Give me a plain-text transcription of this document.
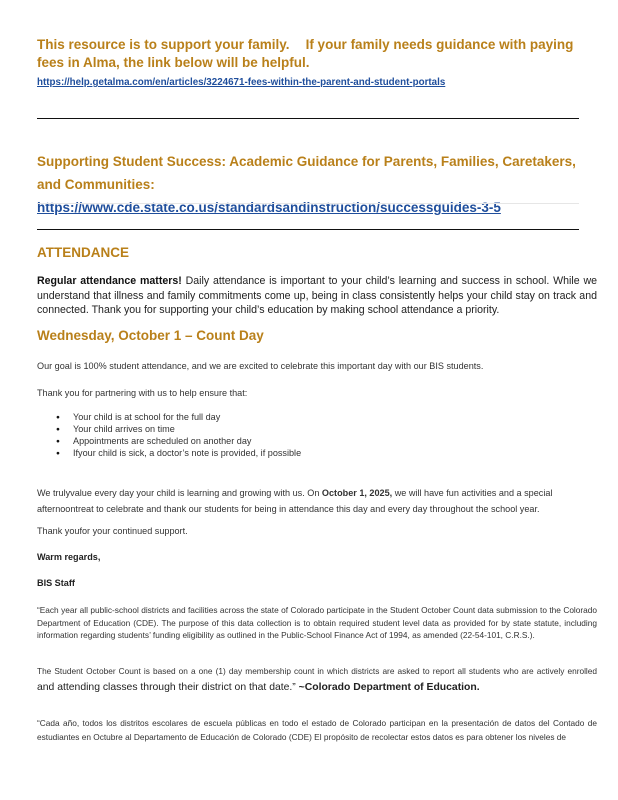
This resource is to support your family. If your family needs guidance with paying fees in Alma, the link below will be helpful.
https://help.getalma.com/en/articles/3224671-fees-within-the-parent-and-student-portals
Supporting Student Success: Academic Guidance for Parents, Families, Caretakers, and Communities: https://www.cde.state.co.us/standardsandinstruction/successguides-3-5
ATTENDANCE
Regular attendance matters! Daily attendance is important to your child’s learning and success in school. While we understand that illness and family commitments come up, being in class consistently helps your child stay on track and connected. Thank you for supporting your child’s education by making school attendance a priority.
Wednesday, October 1 – Count Day
Our goal is 100% student attendance, and we are excited to celebrate this important day with our BIS students.
Thank you for partnering with us to help ensure that:
● Your child is at school for the full day
● Your child arrives on time
● Appointments are scheduled on another day
● Ifyour child is sick, a doctor’s note is provided, if possible
We trulyvalue every day your child is learning and growing with us. On October 1, 2025, we will have fun activities and a special afternoontreat to celebrate and thank our students for being in attendance this day and every day throughout the school year.
Thank youfor your continued support.
Warm regards,
BIS Staff
“Each year all public-school districts and facilities across the state of Colorado participate in the Student October Count data submission to the Colorado Department of Education (CDE). The purpose of this data collection is to obtain required student level data as provided for by state statute, including information regarding students’ funding eligibility as outlined in the Public-School Finance Act of 1994, as amended (22-54-101, C.R.S.).
The Student October Count is based on a one (1) day membership count in which districts are asked to report all students who are actively enrolled and attending classes through their district on that date.” ~Colorado Department of Education.
“Cada año, todos los distritos escolares de escuela públicas en todo el estado de Colorado participan en la presentación de datos del Contado de estudiantes en Octubre al Departamento de Educación de Colorado (CDE) El propósito de recolectar estos datos es para obtener los niveles de
